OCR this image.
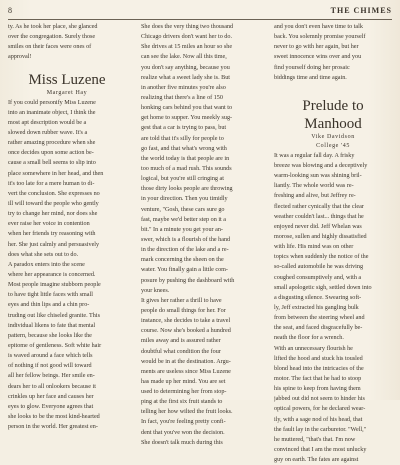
8	THE CHIMES
ty. As he took her place, she glanced
over the congregation. Surely those
smiles on their faces were ones of
approval!
Miss Luzene
Margaret Hay
If you could personify Miss Luzene
into an inanimate object, I think the
most apt description would be a
slowed down rubber wave. It's a
rather amazing procedure when she
once decides upon some action be-
cause a small bell seems to slip into
place somewhere in her head, and then
it's too late for a mere human to di-
vert the conclusion. She expresses no
ill will toward the people who gently
try to change her mind, nor does she
ever raise her voice in contention
when her friends try reasoning with
her. She just calmly and persuasively
does what she sets out to do.
A paradox enters into the scene
where her appearance is concerned.
Most people imagine stubborn people
to have tight little faces with small
eyes and thin lips and a chin pro-
truding out like chiseled granite. This
individual likens to fate that mental
pattern, because she looks like the
epitome of gentleness. Soft white hair
is waved around a face which tells
of nothing if not good will toward
all her fellow beings. Her smile en-
dears her to all onlookers because it
crinkles up her face and causes her
eyes to glow. Everyone agrees that
she looks to be the most kind-hearted
person in the world. Her greatest en-
She does the very thing two thousand
Chicago drivers don't want her to do.
She drives at 15 miles an hour so she
can see the lake. Now all this time,
you don't say anything, because you
realize what a sweet lady she is. But
in another five minutes you're also
realizing that there's a line of 150
honking cars behind you that want to
get home to supper. You meekly sug-
gest that a car is trying to pass, but
are told that it's silly for people to
go fast, and that what's wrong with
the world today is that people are in
too much of a mad rush. This sounds
logical, but you're still cringing at
those dirty looks people are throwing
in your direction. Then you timidly
venture, "Gosh, these cars sure go
fast, maybe we'd better step on it a
bit." In a minute you get your an-
swer, which is a flourish of the hand
in the direction of the lake and a re-
mark concerning the sheen on the
water. You finally gain a little com-
posure by pushing the dashboard with
your knees.
It gives her rather a thrill to have
people do small things for her. For
instance, she decides to take a travel
course. Now she's booked a hundred
miles away and is assured rather
doubtful what condition the four
would be in at the destination. Argu-
ments are useless since Miss Luzene
has made up her mind. You are set
used to determining her from stop-
ping at the first six fruit stands to
telling her how wilted the fruit looks.
In fact, you're feeling pretty confi-
dent that you've won the decision.
She doesn't talk much during this
and you don't even have time to talk
back. You solemnly promise yourself
never to go with her again, but her
sweet innocence wins over and you
find yourself doing her prosaic
biddings time and time again.
Prelude to Manhood
Vike Davidson
College '45
It was a regular fall day. A frisky
breeze was blowing and a deceptively
warm-looking sun was shining bril-
liantly. The whole world was re-
freshing and alive, but Jeffrey re-
flected rather cynically that the clear
weather couldn't last... things that he
enjoyed never did. Jeff Whelan was
morose, sullen and highly dissatisfied
with life. His mind was on other
topics when suddenly the notice of the
so-called automobile he was driving
coughed consumptively and, with a
small apologetic sigh, settled down into
a disgusting silence. Swearing soft-
ly, Jeff extracted his gangling bulk
from between the steering wheel and
the seat, and faced disgracefully be-
neath the floor for a wrench.
With an unnecessary flourish he
lifted the hood and stuck his tousled
blond head into the intricacies of the
motor. The fact that he had to stoop
his spine to keep from having them
jabbed out did not seem to hinder his
optical powers, for he declared wear-
ily, with a sage nod of his head, that
the fault lay in the carburetor. "Well,"
he muttered, "that's that. I'm now
convinced that I am the most unlucky
guy on earth. The fates are against
